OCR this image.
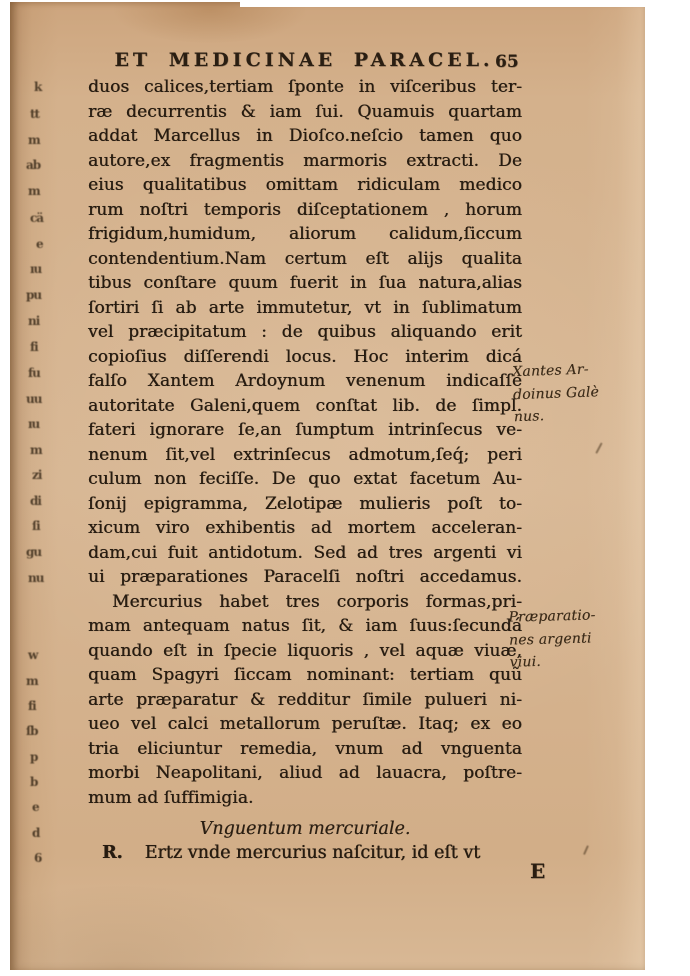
k
tt
m
ab
m
cä
e
ıu
pu
ni
fi
fu
uu
ıu
m
zi
di
ſi
gu
nu
w
m
fi
ſb
p
b
e
d
6
ET MEDICINAE PARACEL. 65
duos calices,tertiam ſponte in viſceribus ter-
ræ decurrentis & iam ſui. Quamuis quartam
addat Marcellus in Dioſco.neſcio tamen quo
autore,ex fragmentis marmoris extracti. De
eius qualitatibus omittam ridiculam medico
rum noſtri temporis diſceptationem , horum
frigidum,humidum, aliorum calidum,ſiccum
contendentium.Nam certum eſt alijs qualita
tibus conſtare quum fuerit in ſua natura,alias
ſortiri ſi ab arte immutetur, vt in ſublimatum
vel præcipitatum : de quibus aliquando erit
copioſius diſſerendi locus. Hoc interim dicá
falſo Xantem Ardoynum venenum indicaſſe
autoritate Galeni,quem conſtat lib. de ſimpl.
fateri ignorare ſe,an ſumptum intrinſecus ve-
nenum ſit,vel extrinſecus admotum,ſeq́; peri
culum non feciſſe. De quo extat facetum Au-
ſonij epigramma, Zelotipæ mulieris poſt to-
xicum viro exhibentis ad mortem acceleran-
dam,cui fuit antidotum. Sed ad tres argenti vi
ui præparationes Paracelſi noſtri accedamus.
Mercurius habet tres corporis formas,pri-
mam antequam natus ſit, & iam ſuus:ſecundá
quando eſt in ſpecie liquoris , vel aquæ viuæ,
quam Spagyri ſiccam nominant: tertiam quũ
arte præparatur & redditur ſimile pulueri ni-
ueo vel calci metallorum peruſtæ. Itaq; ex eo
tria eliciuntur remedia, vnum ad vnguenta
morbi Neapolitani, aliud ad lauacra, poſtre-
mum ad ſuffimigia.
Vnguentum mercuriale.
R. Ertz vnde mercurius naſcitur, id eſt vt
Xantes Ar-
doinus Galè
nus.
Præparatio-
nes argenti
viui.
E
